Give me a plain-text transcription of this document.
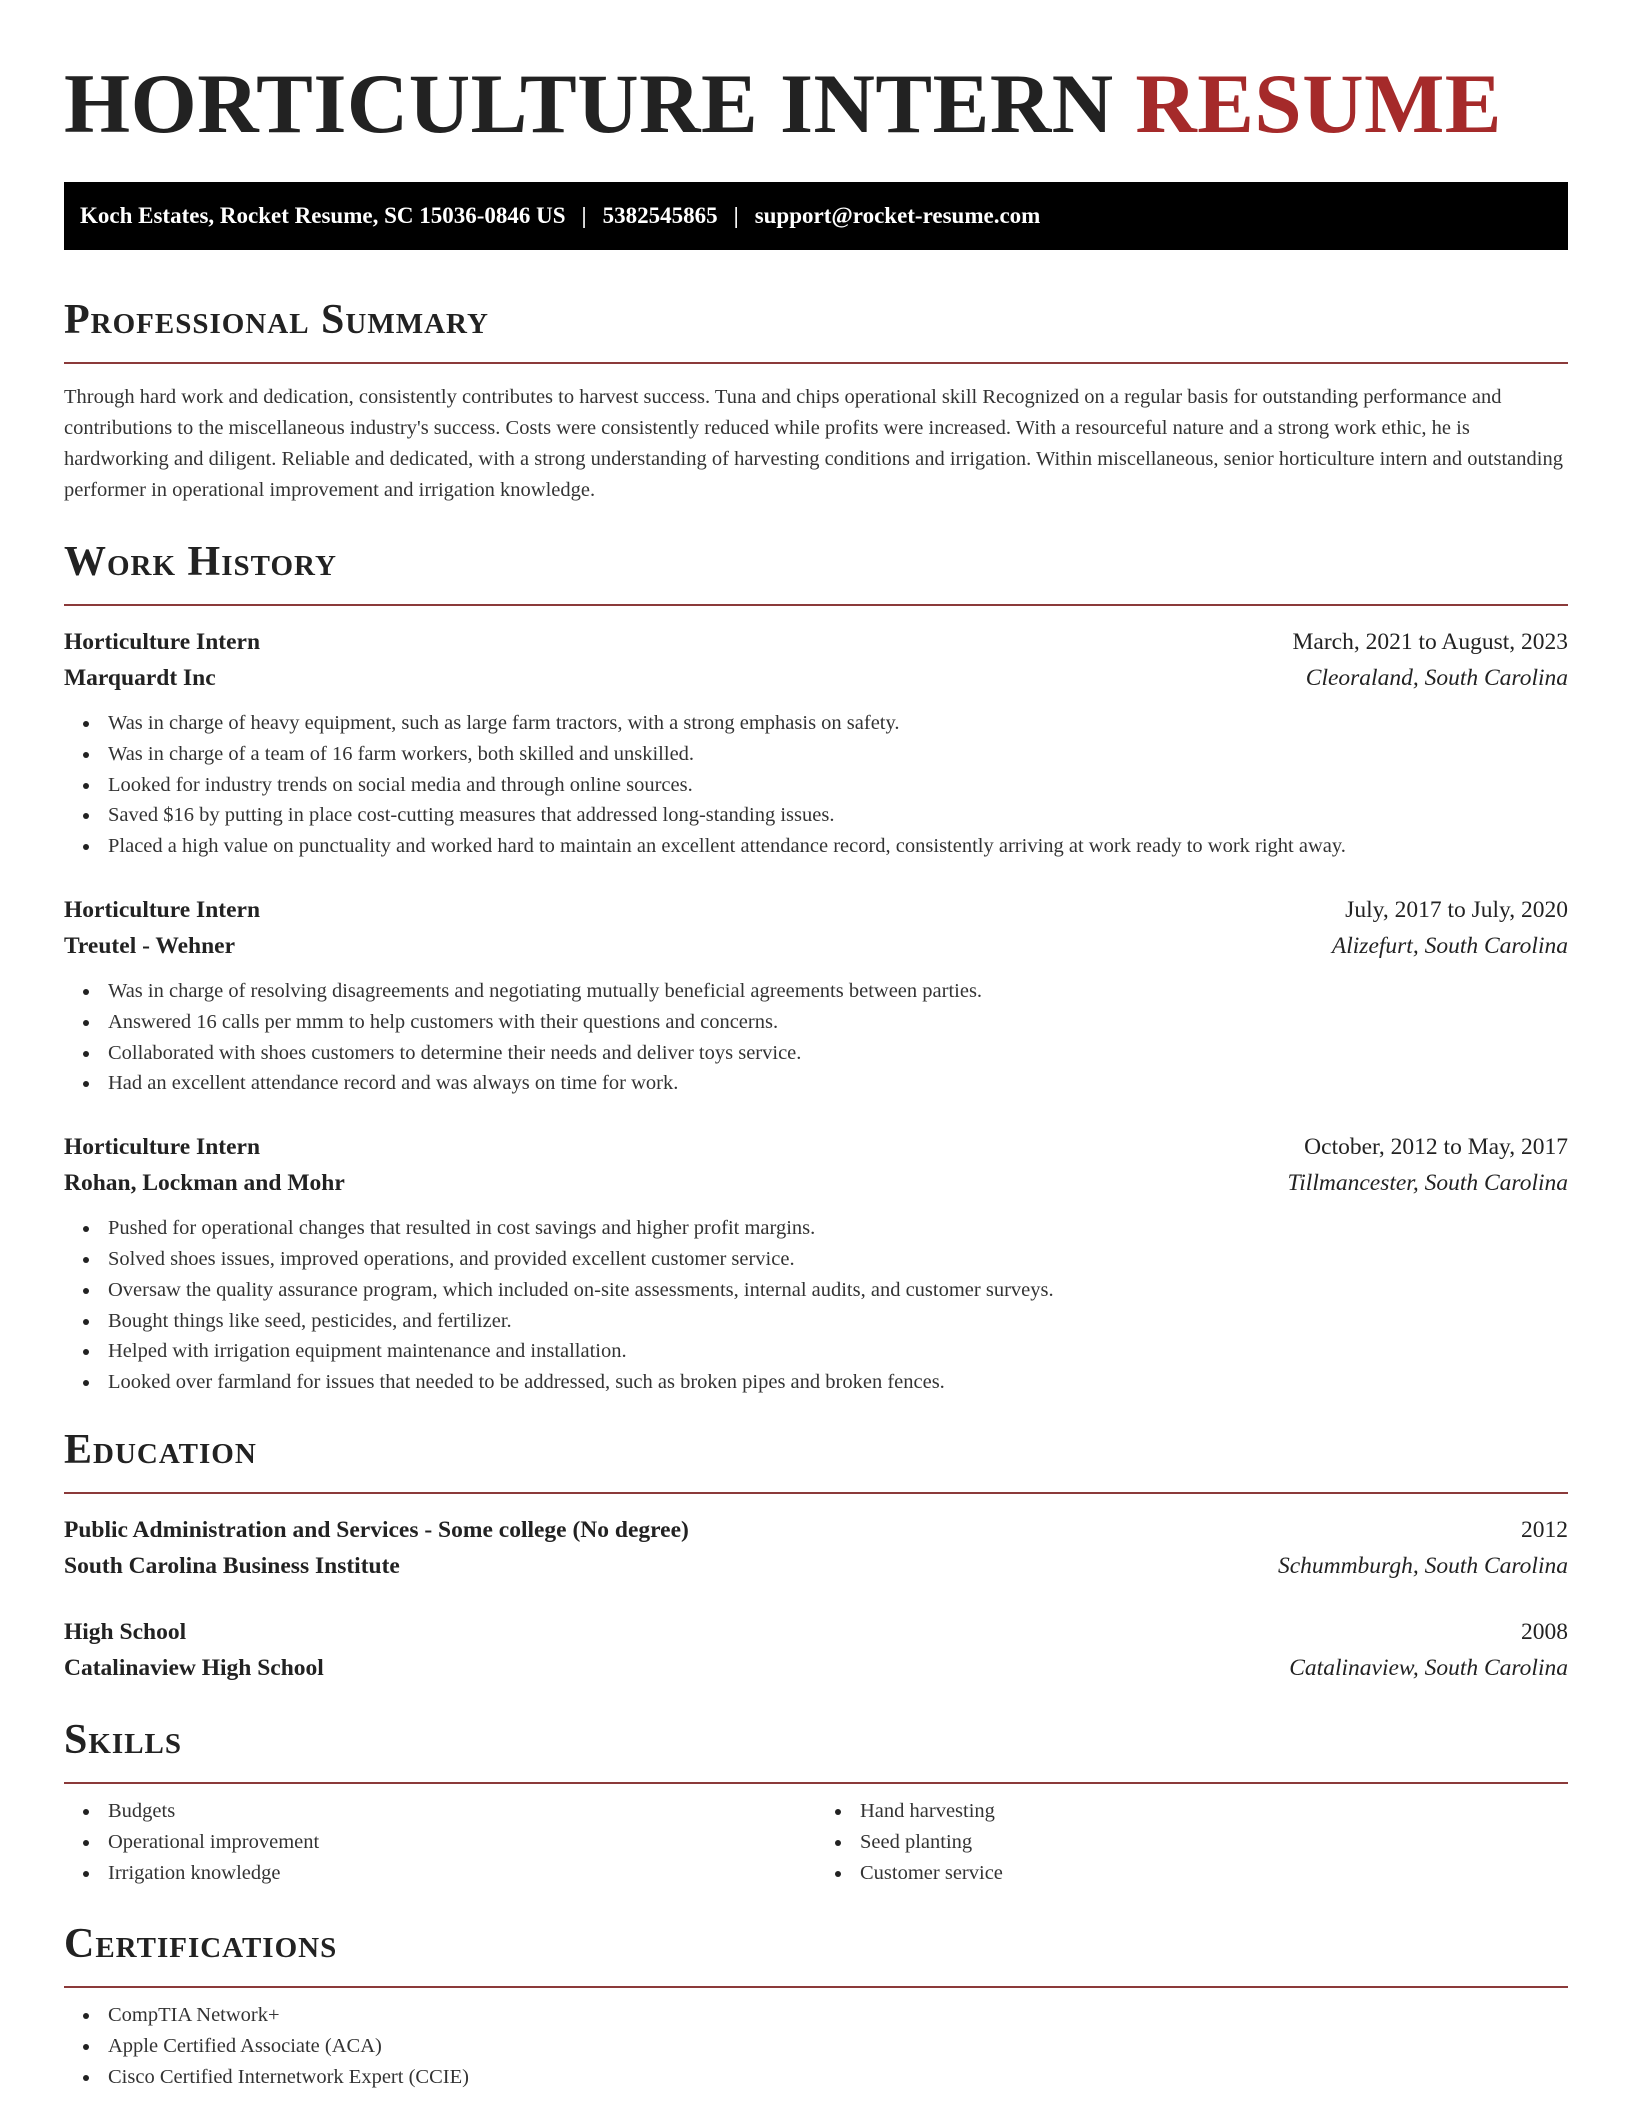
HORTICULTURE INTERN RESUME
Koch Estates, Rocket Resume, SC 15036-0846 US | 5382545865 | support@rocket-resume.com
Professional Summary

Through hard work and dedication, consistently contributes to harvest success. Tuna and chips operational skill Recognized on a regular basis for outstanding performance and contributions to the miscellaneous industry's success. Costs were consistently reduced while profits were increased. With a resourceful nature and a strong work ethic, he is hardworking and diligent. Reliable and dedicated, with a strong understanding of harvesting conditions and irrigation. Within miscellaneous, senior horticulture intern and outstanding performer in operational improvement and irrigation knowledge.

Work History
Horticulture Intern	March, 2021 to August, 2023
Marquardt Inc	Cleoraland, South Carolina
Was in charge of heavy equipment, such as large farm tractors, with a strong emphasis on safety.
Was in charge of a team of 16 farm workers, both skilled and unskilled.
Looked for industry trends on social media and through online sources.
Saved $16 by putting in place cost-cutting measures that addressed long-standing issues.
Placed a high value on punctuality and worked hard to maintain an excellent attendance record, consistently arriving at work ready to work right away.
Horticulture Intern	July, 2017 to July, 2020
Treutel - Wehner	Alizefurt, South Carolina
Was in charge of resolving disagreements and negotiating mutually beneficial agreements between parties.
Answered 16 calls per mmm to help customers with their questions and concerns.
Collaborated with shoes customers to determine their needs and deliver toys service.
Had an excellent attendance record and was always on time for work.
Horticulture Intern	October, 2012 to May, 2017
Rohan, Lockman and Mohr	Tillmancester, South Carolina
Pushed for operational changes that resulted in cost savings and higher profit margins.
Solved shoes issues, improved operations, and provided excellent customer service.
Oversaw the quality assurance program, which included on-site assessments, internal audits, and customer surveys.
Bought things like seed, pesticides, and fertilizer.
Helped with irrigation equipment maintenance and installation.
Looked over farmland for issues that needed to be addressed, such as broken pipes and broken fences.
Education
Public Administration and Services - Some college (No degree)	2012
South Carolina Business Institute	Schummburgh, South Carolina
High School	2008
Catalinaview High School	Catalinaview, South Carolina
Skills
Budgets
Operational improvement
Irrigation knowledge
Hand harvesting
Seed planting
Customer service
Certifications
CompTIA Network+
Apple Certified Associate (ACA)
Cisco Certified Internetwork Expert (CCIE)
